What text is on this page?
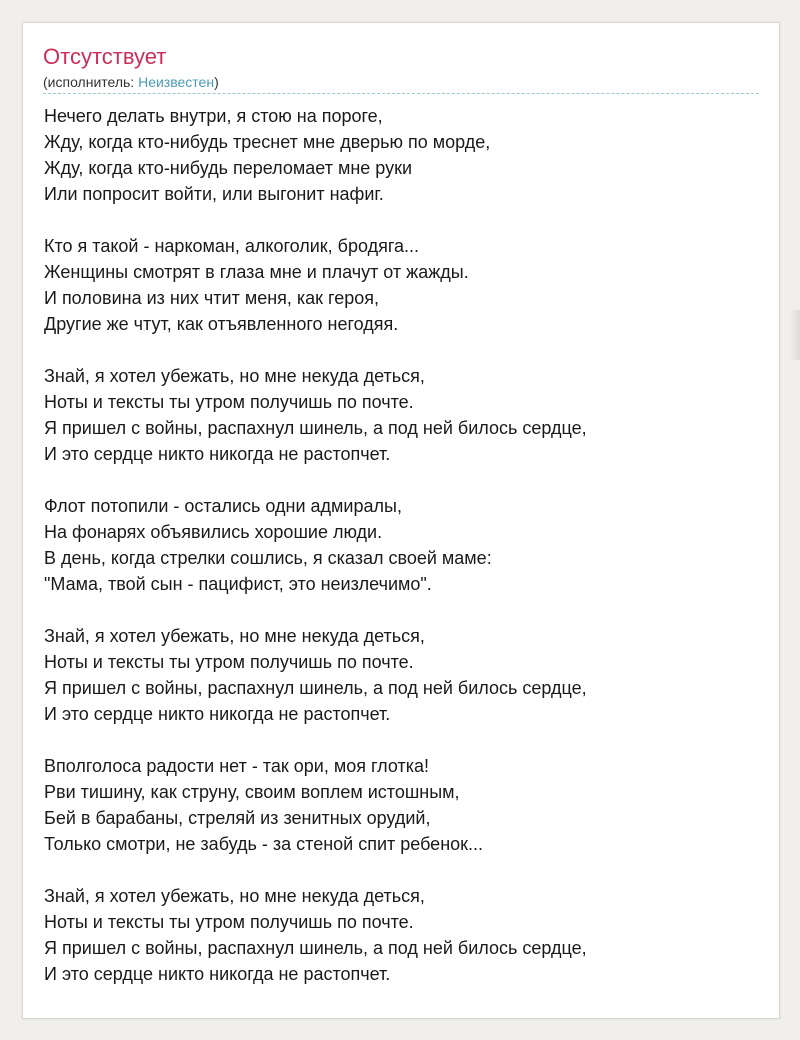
Отсутствует
(исполнитель: Неизвестен)
Нечего делать внутри, я стою на пороге,
Жду, когда кто-нибудь треснет мне дверью по морде,
Жду, когда кто-нибудь переломает мне руки
Или попросит войти, или выгонит нафиг.
Кто я такой - наркоман, алкоголик, бродяга...
Женщины смотрят в глаза мне и плачут от жажды.
И половина из них чтит меня, как героя,
Другие же чтут, как отъявленного негодяя.
Знай, я хотел убежать, но мне некуда деться,
Ноты и тексты ты утром получишь по почте.
Я пришел с войны, распахнул шинель, а под ней билось сердце,
И это сердце никто никогда не растопчет.
Флот потопили - остались одни адмиралы,
На фонарях объявились хорошие люди.
В день, когда стрелки сошлись, я сказал своей маме:
"Мама, твой сын - пацифист, это неизлечимо".
Знай, я хотел убежать, но мне некуда деться,
Ноты и тексты ты утром получишь по почте.
Я пришел с войны, распахнул шинель, а под ней билось сердце,
И это сердце никто никогда не растопчет.
Вполголоса радости нет - так ори, моя глотка!
Рви тишину, как струну, своим воплем истошным,
Бей в барабаны, стреляй из зенитных орудий,
Только смотри, не забудь - за стеной спит ребенок...
Знай, я хотел убежать, но мне некуда деться,
Ноты и тексты ты утром получишь по почте.
Я пришел с войны, распахнул шинель, а под ней билось сердце,
И это сердце никто никогда не растопчет.
